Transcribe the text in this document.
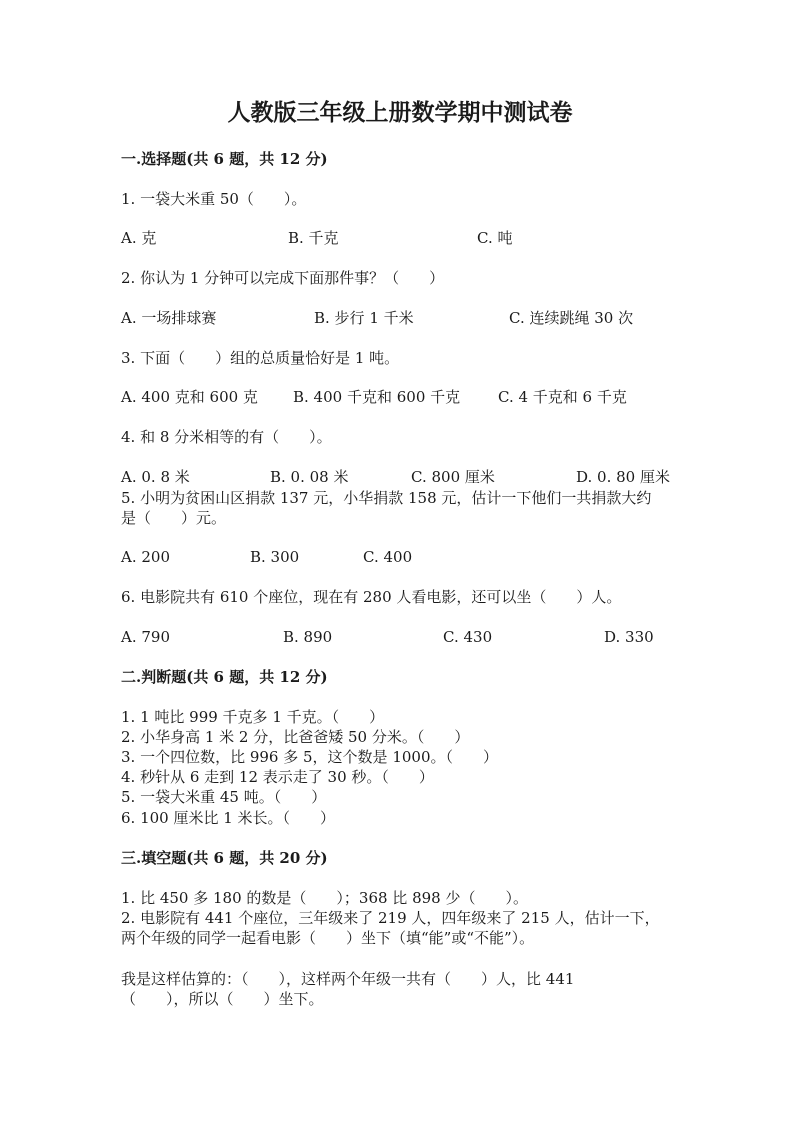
人教版三年级上册数学期中测试卷
一.选择题(共 6 题，共 12 分)
1. 一袋大米重 50（　　）。
A. 克	B. 千克	C. 吨
2. 你认为 1 分钟可以完成下面那件事？（　　）
A. 一场排球赛	B. 步行 1 千米	C. 连续跳绳 30 次
3. 下面（　　）组的总质量恰好是 1 吨。
A. 400 克和 600 克 B. 400 千克和 600 千克	C. 4 千克和 6 千克
4. 和 8 分米相等的有（　　）。
A. 0. 8 米	B. 0. 08 米	C. 800 厘米	D. 0. 80 厘米
5. 小明为贫困山区捐款 137 元，小华捐款 158 元，估计一下他们一共捐款大约
是（　　）元。
A. 200	B. 300	C. 400
6. 电影院共有 610 个座位，现在有 280 人看电影，还可以坐（　　）人。
A. 790	B. 890	C. 430	D. 330
二.判断题(共 6 题，共 12 分)
1. 1 吨比 999 千克多 1 千克。（　　）
2. 小华身高 1 米 2 分，比爸爸矮 50 分米。（　　）
3. 一个四位数，比 996 多 5，这个数是 1000。（　　）
4. 秒针从 6 走到 12 表示走了 30 秒。（　　）
5. 一袋大米重 45 吨。（　　）
6. 100 厘米比 1 米长。（　　）
三.填空题(共 6 题，共 20 分)
1. 比 450 多 180 的数是（　　）；368 比 898 少（　　）。
2. 电影院有 441 个座位，三年级来了 219 人，四年级来了 215 人，估计一下，
两个年级的同学一起看电影（　　）坐下（填“能”或“不能”）。
我是这样估算的：（　　），这样两个年级一共有（　　）人，比 441
（　　），所以（　　）坐下。
